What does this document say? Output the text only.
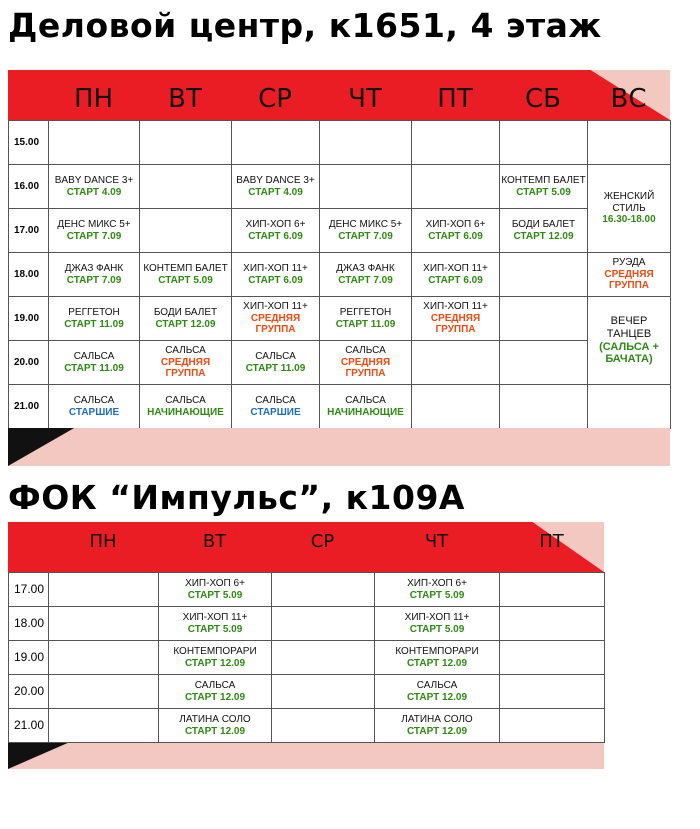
Деловой центр, к1651, 4 этаж
ПН	ВТ	СР	ЧТ	ПТ	СБ	ВС
15.00							
16.00	BABY DANCE 3+
СТАРТ 4.09		BABY DANCE 3+
СТАРТ 4.09			КОНТЕМП БАЛЕТ
СТАРТ 5.09	ЖЕНСКИЙ СТИЛЬ
16.30-18.00

17.00	ДЕНС МИКС 5+
СТАРТ 7.09		ХИП-ХОП 6+
СТАРТ 6.09	ДЕНС МИКС 5+
СТАРТ 7.09	ХИП-ХОП 6+
СТАРТ 6.09	БОДИ БАЛЕТ
СТАРТ 12.09	

18.00	ДЖАЗ ФАНК
СТАРТ 7.09	КОНТЕМП БАЛЕТ
СТАРТ 5.09	ХИП-ХОП 11+
СТАРТ 6.09	ДЖАЗ ФАНК
СТАРТ 7.09	ХИП-ХОП 11+
СТАРТ 6.09		РУЭДА
СРЕДНЯЯ ГРУППА

19.00	РЕГГЕТОН
СТАРТ 11.09	БОДИ БАЛЕТ
СТАРТ 12.09	ХИП-ХОП 11+
СРЕДНЯЯ ГРУППА	РЕГГЕТОН
СТАРТ 11.09	ХИП-ХОП 11+
СРЕДНЯЯ ГРУППА		ВЕЧЕР
ТАНЦЕВ
(САЛЬСА +
БАЧАТА)

20.00	САЛЬСА
СТАРТ 11.09	САЛЬСА
СРЕДНЯЯ ГРУППА	САЛЬСА
СТАРТ 11.09	САЛЬСА
СРЕДНЯЯ ГРУППА			

21.00	САЛЬСА
СТАРШИЕ	САЛЬСА
НАЧИНАЮЩИЕ	САЛЬСА
СТАРШИЕ	САЛЬСА
НАЧИНАЮЩИЕ			

ФОК “Импульс”, к109А
ПН	ВТ	СР	ЧТ	ПТ
17.00		ХИП-ХОП 6+
СТАРТ 5.09		ХИП-ХОП 6+
СТАРТ 5.09	

18.00		ХИП-ХОП 11+
СТАРТ 5.09		ХИП-ХОП 11+
СТАРТ 5.09	

19.00		КОНТЕМПОРАРИ
СТАРТ 12.09		КОНТЕМПОРАРИ
СТАРТ 12.09	

20.00		САЛЬСА
СТАРТ 12.09		САЛЬСА
СТАРТ 12.09	

21.00		ЛАТИНА СОЛО
СТАРТ 12.09		ЛАТИНА СОЛО
СТАРТ 12.09	
